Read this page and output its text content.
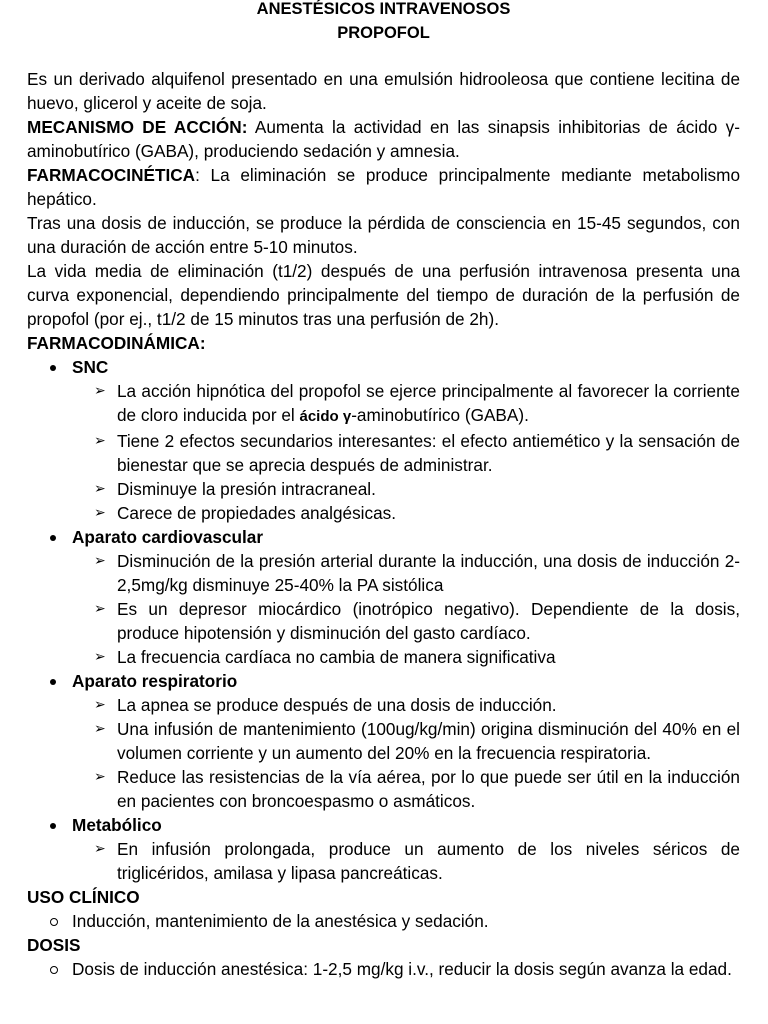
ANESTÉSICOS INTRAVENOSOS
PROPOFOL

Es un derivado alquifenol presentado en una emulsión hidrooleosa que contiene lecitina de huevo, glicerol y aceite de soja.

MECANISMO DE ACCIÓN: Aumenta la actividad en las sinapsis inhibitorias de ácido γ-aminobutírico (GABA), produciendo sedación y amnesia.

FARMACOCINÉTICA: La eliminación se produce principalmente mediante metabolismo hepático.

Tras una dosis de inducción, se produce la pérdida de consciencia en 15-45 segundos, con una duración de acción entre 5-10 minutos.

La vida media de eliminación (t1/2) después de una perfusión intravenosa presenta una curva exponencial, dependiendo principalmente del tiempo de duración de la perfusión de propofol (por ej., t1/2 de 15 minutos tras una perfusión de 2h).

FARMACODINÁMICA:
SNC
➢ La acción hipnótica del propofol se ejerce principalmente al favorecer la corriente de cloro inducida por el ácido γ-aminobutírico (GABA).
➢ Tiene 2 efectos secundarios interesantes: el efecto antiemético y la sensación de bienestar que se aprecia después de administrar.
➢ Disminuye la presión intracraneal.
➢ Carece de propiedades analgésicas.
Aparato cardiovascular
➢ Disminución de la presión arterial durante la inducción, una dosis de inducción 2-2,5mg/kg disminuye 25-40% la PA sistólica
➢ Es un depresor miocárdico (inotrópico negativo). Dependiente de la dosis, produce hipotensión y disminución del gasto cardíaco.
➢ La frecuencia cardíaca no cambia de manera significativa
Aparato respiratorio
➢ La apnea se produce después de una dosis de inducción.
➢ Una infusión de mantenimiento (100ug/kg/min) origina disminución del 40% en el volumen corriente y un aumento del 20% en la frecuencia respiratoria.
➢ Reduce las resistencias de la vía aérea, por lo que puede ser útil en la inducción en pacientes con broncoespasmo o asmáticos.
Metabólico
➢ En infusión prolongada, produce un aumento de los niveles séricos de triglicéridos, amilasa y lipasa pancreáticas.
USO CLÍNICO
Inducción, mantenimiento de la anestésica y sedación.
DOSIS
Dosis de inducción anestésica: 1-2,5 mg/kg i.v., reducir la dosis según avanza la edad.
